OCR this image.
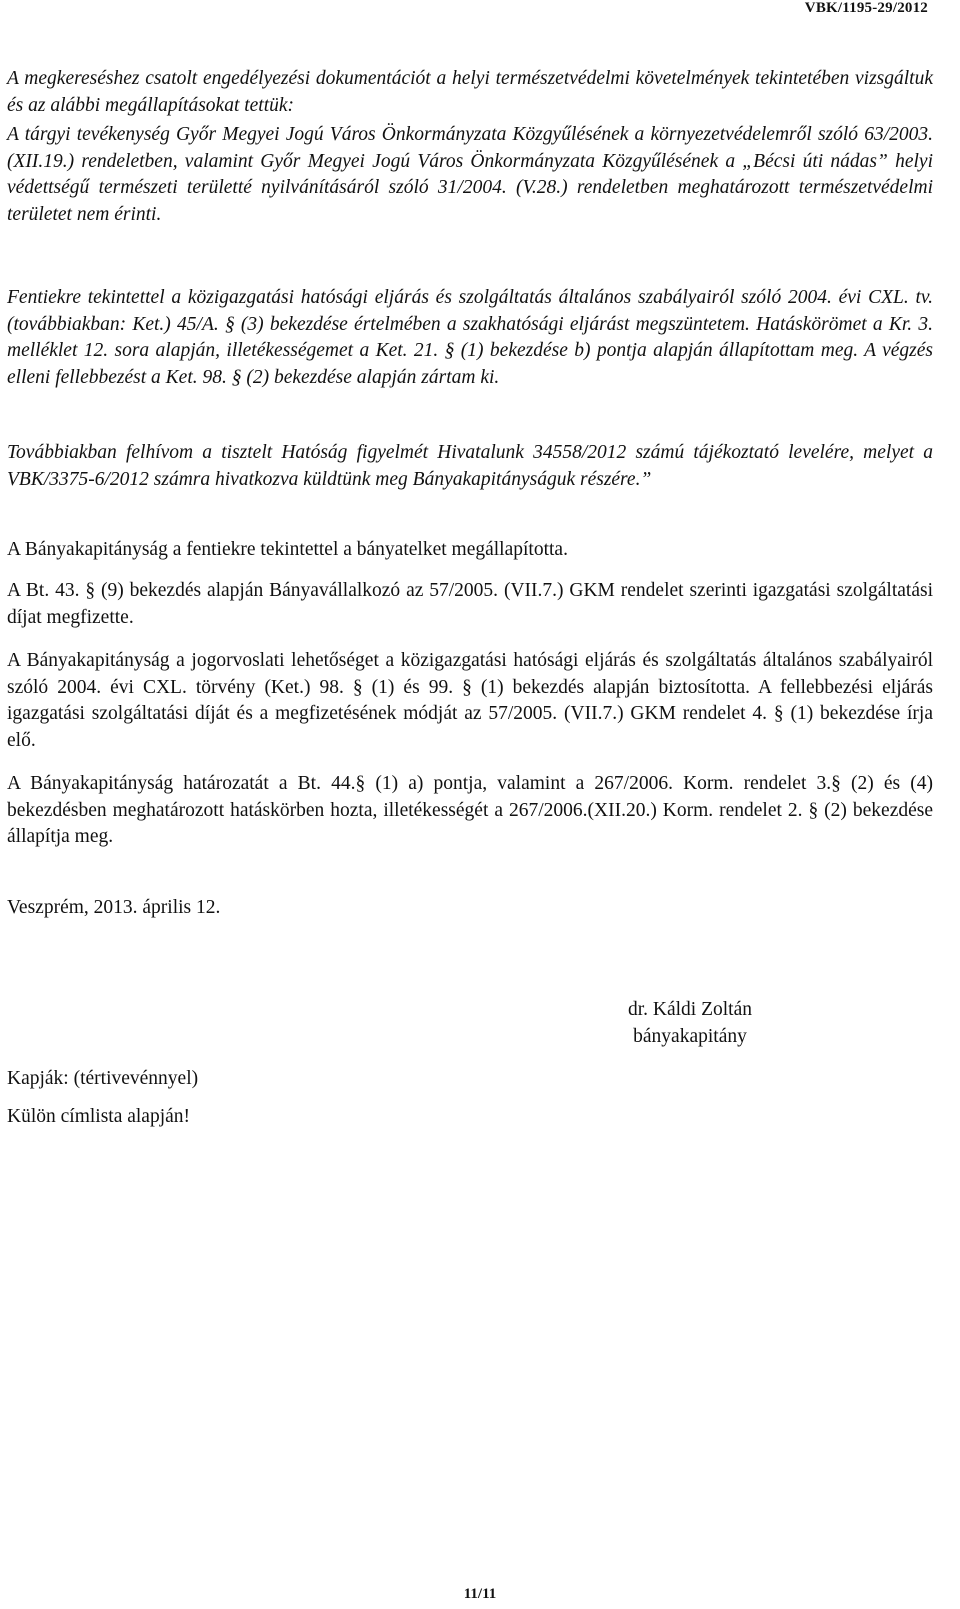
VBK/1195-29/2012

A megkereséshez csatolt engedélyezési dokumentációt a helyi természetvédelmi követelmények tekintetében vizsgáltuk és az alábbi megállapításokat tettük:

A tárgyi tevékenység Győr Megyei Jogú Város Önkormányzata Közgyűlésének a környezetvédelemről szóló 63/2003. (XII.19.) rendeletben, valamint Győr Megyei Jogú Város Önkormányzata Közgyűlésének a „Bécsi úti nádas” helyi védettségű természeti területté nyilvánításáról szóló 31/2004. (V.28.) rendeletben meghatározott természetvédelmi területet nem érinti.

Fentiekre tekintettel a közigazgatási hatósági eljárás és szolgáltatás általános szabályairól szóló 2004. évi CXL. tv. (továbbiakban: Ket.) 45/A. § (3) bekezdése értelmében a szakhatósági eljárást megszüntetem. Hatáskörömet a Kr. 3. melléklet 12. sora alapján, illetékességemet a Ket. 21. § (1) bekezdése b) pontja alapján állapítottam meg. A végzés elleni fellebbezést a Ket. 98. § (2) bekezdése alapján zártam ki.

Továbbiakban felhívom a tisztelt Hatóság figyelmét Hivatalunk 34558/2012 számú tájékoztató levelére, melyet a VBK/3375-6/2012 számra hivatkozva küldtünk meg Bányakapitányságuk részére.”

A Bányakapitányság a fentiekre tekintettel a bányatelket megállapította.

A Bt. 43. § (9) bekezdés alapján Bányavállalkozó az 57/2005. (VII.7.) GKM rendelet szerinti igazgatási szolgáltatási díjat megfizette.

A Bányakapitányság a jogorvoslati lehetőséget a közigazgatási hatósági eljárás és szolgáltatás általános szabályairól szóló 2004. évi CXL. törvény (Ket.) 98. § (1) és 99. § (1) bekezdés alapján biztosította. A fellebbezési eljárás igazgatási szolgáltatási díját és a megfizetésének módját az 57/2005. (VII.7.) GKM rendelet 4. § (1) bekezdése írja elő.

A Bányakapitányság határozatát a Bt. 44.§ (1) a) pontja, valamint a 267/2006. Korm. rendelet 3.§ (2) és (4) bekezdésben meghatározott hatáskörben hozta, illetékességét a 267/2006.(XII.20.) Korm. rendelet 2. § (2) bekezdése állapítja meg.

Veszprém, 2013. április 12.
dr. Káldi Zoltán
bányakapitány
Kapják: (tértivevénnyel)
Külön címlista alapján!
11/11
